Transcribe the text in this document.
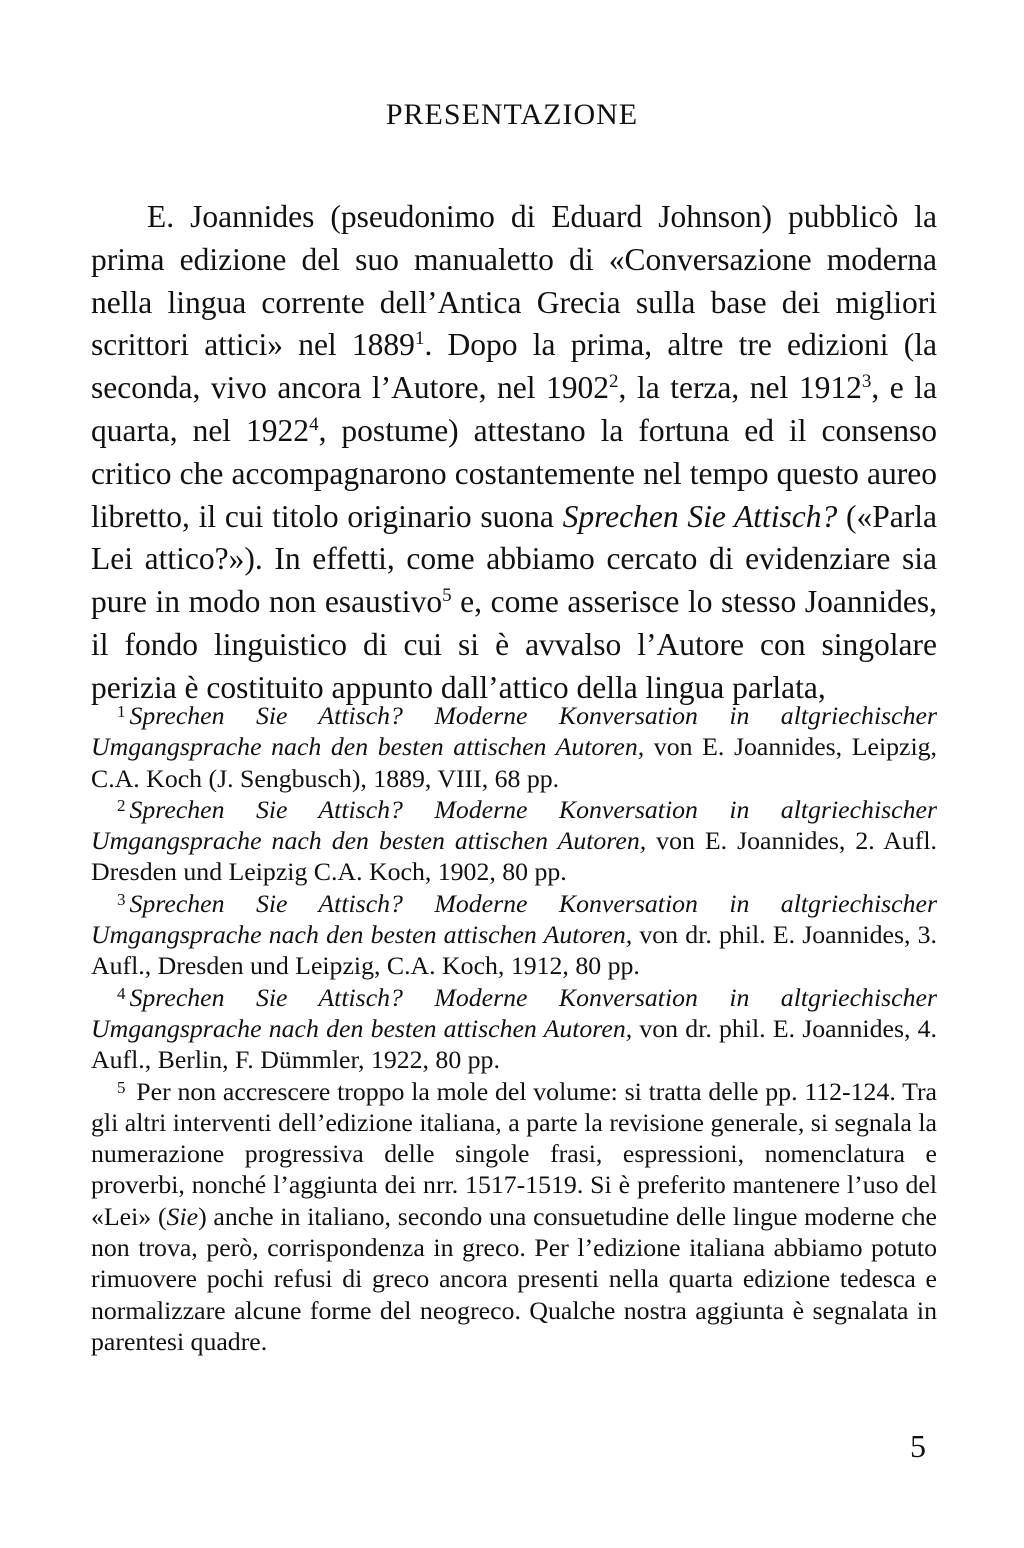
PRESENTAZIONE

E. Joannides (pseudonimo di Eduard Johnson) pubblicò la prima edizione del suo manualetto di «Conversazione moderna nella lingua corrente dell’Antica Grecia sulla base dei migliori scrittori attici» nel 1889$^1$. Dopo la prima, altre tre edizioni (la seconda, vivo ancora l’Autore, nel 1902$^2$, la terza, nel 1912$^3$, e la quarta, nel 1922$^4$, postume) attestano la fortuna ed il consenso critico che accompagnarono costantemente nel tempo questo aureo libretto, il cui titolo originario suona Sprechen Sie Attisch? («Parla Lei attico?»). In effetti, come abbiamo cercato di evidenziare sia pure in modo non esaustivo$^5$ e, come asserisce lo stesso Joannides, il fondo linguistico di cui si è avvalso l’Autore con singolare perizia è costituito appunto dall’attico della lingua parlata,

$^1$ Sprechen Sie Attisch? Moderne Konversation in altgriechischer Umgangsprache nach den besten attischen Autoren, von E. Joannides, Leipzig, C.A. Koch (J. Sengbusch), 1889, VIII, 68 pp.

$^2$ Sprechen Sie Attisch? Moderne Konversation in altgriechischer Umgangsprache nach den besten attischen Autoren, von E. Joannides, 2. Aufl. Dresden und Leipzig C.A. Koch, 1902, 80 pp.

$^3$ Sprechen Sie Attisch? Moderne Konversation in altgriechischer Umgangsprache nach den besten attischen Autoren, von dr. phil. E. Joannides, 3. Aufl., Dresden und Leipzig, C.A. Koch, 1912, 80 pp.

$^4$ Sprechen Sie Attisch? Moderne Konversation in altgriechischer Umgangsprache nach den besten attischen Autoren, von dr. phil. E. Joannides, 4. Aufl., Berlin, F. Dümmler, 1922, 80 pp.

$^5$ Per non accrescere troppo la mole del volume: si tratta delle pp. 112-124. Tra gli altri interventi dell’edizione italiana, a parte la revisione generale, si segnala la numerazione progressiva delle singole frasi, espressioni, nomenclatura e proverbi, nonché l’aggiunta dei nrr. 1517-1519. Si è preferito mantenere l’uso del «Lei» (Sie) anche in italiano, secondo una consuetudine delle lingue moderne che non trova, però, corrispondenza in greco. Per l’edizione italiana abbiamo potuto rimuovere pochi refusi di greco ancora presenti nella quarta edizione tedesca e normalizzare alcune forme del neogreco. Qualche nostra aggiunta è segnalata in parentesi quadre.

5
